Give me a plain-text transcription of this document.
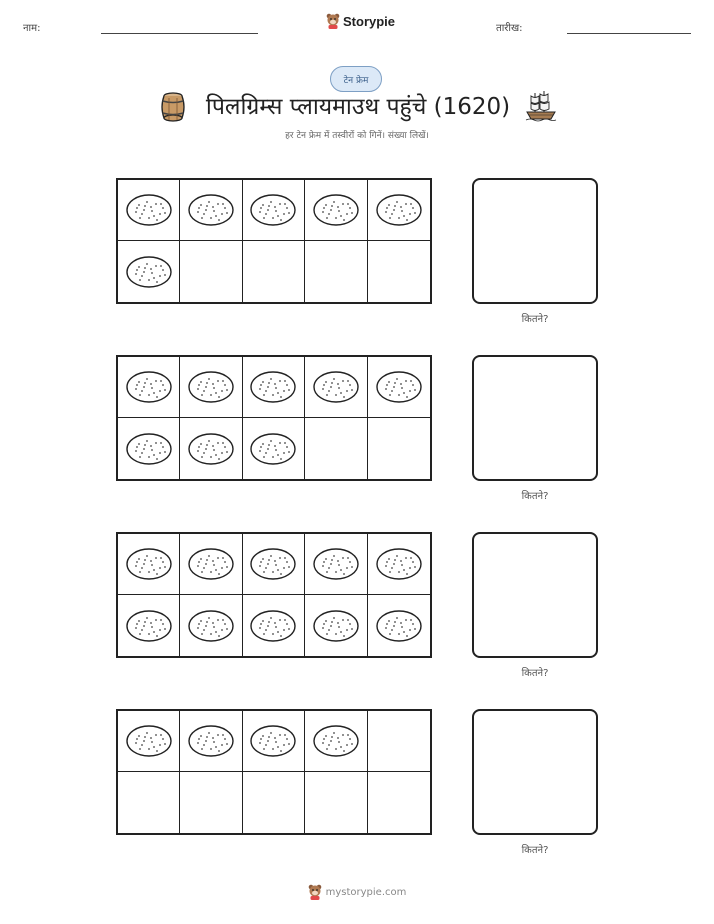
नाम:	Storypie	तारीख:
टेन फ्रेम
पिलग्रिम्स प्लायमाउथ पहुंचे (1620)
हर टेन फ्रेम में तस्वीरों को गिनें। संख्या लिखें।
कितने?
कितने?
कितने?
कितने?
mystorypie.com
